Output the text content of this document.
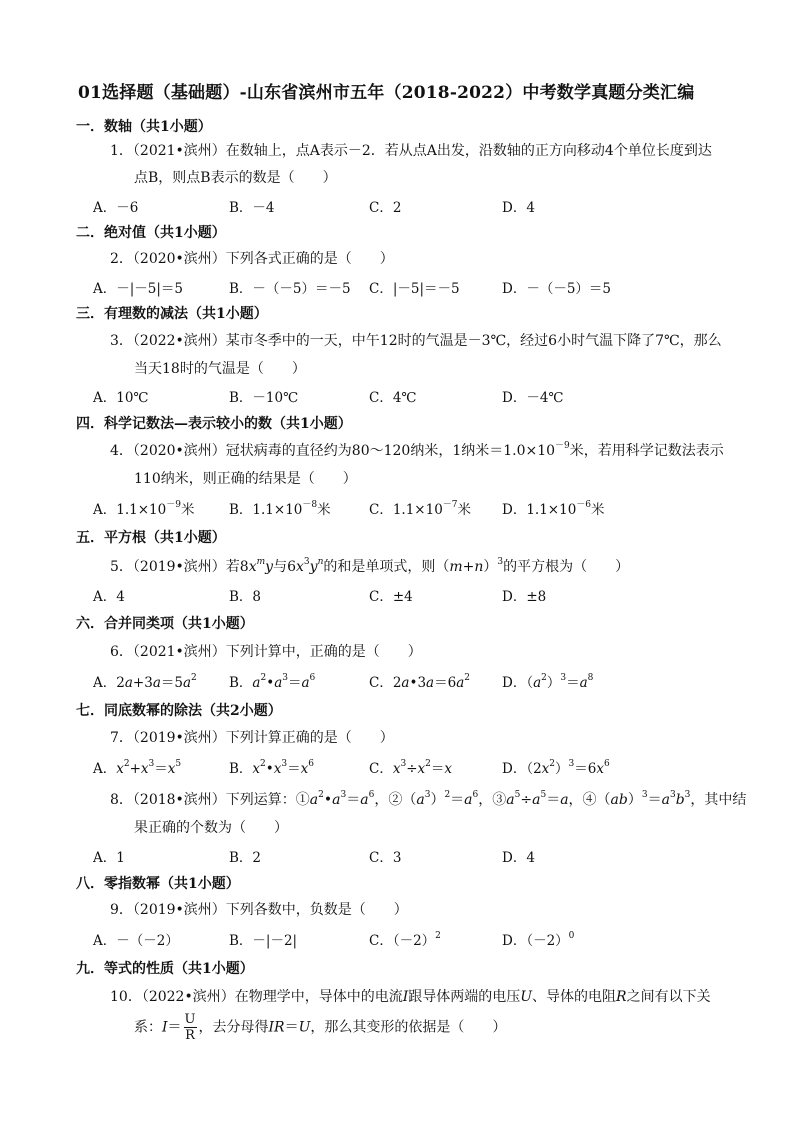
01选择题（基础题）-山东省滨州市五年（2018-2022）中考数学真题分类汇编
一．数轴（共1小题）
1．（2021•滨州）在数轴上，点A表示－2．若从点A出发，沿数轴的正方向移动4个单位长度到达
点B，则点B表示的数是（　　）
A．－6	B．－4	C．2	D．4
二．绝对值（共1小题）
2．（2020•滨州）下列各式正确的是（　　）
A．－|－5|＝5	B．－（－5）＝－5 C．|－5|＝－5	D．－（－5）＝5
三．有理数的减法（共1小题）
3．（2022•滨州）某市冬季中的一天，中午12时的气温是－3℃，经过6小时气温下降了7℃，那么
当天18时的气温是（　　）
A．10℃	B．－10℃	C．4℃	D．－4℃
四．科学记数法—表示较小的数（共1小题）
4．（2020•滨州）冠状病毒的直径约为80～120纳米，1纳米$=1.0\times 10^{-9}$米，若用科学记数法表示
110纳米，则正确的结果是（　　）
A．$1.1\times 10^{-9}$米	B．$1.1\times 10^{-8}$米	C．$1.1\times 10^{-7}$米 D．$1.1\times 10^{-6}$米
五．平方根（共1小题）
5．（2019•滨州）若$8x^my$与$6x^3y^n$的和是单项式，则$(m+n)^3$的平方根为（　　）
A．4	B．8	C．±4	D．±8
六．合并同类项（共1小题）
6．（2021•滨州）下列计算中，正确的是（　　）
A．$2a+3a=5a^2$ B．$a^2•a^3=a^6$	C．$2a•3a=6a^2$ D．$(a^2)^3=a^8$
七．同底数幂的除法（共2小题）
7．（2019•滨州）下列计算正确的是（　　）
A．$x^2+x^3=x^5$	B．$x^2•x^3=x^6$	C．$x^3\div x^2=x$	D．$(2x^2)^3=6x^6$
8．（2018•滨州）下列运算：$①a^2•a^3=a^6$，$②(a^3)^2=a^6$，$③a^5\div a^5=a$，$④(ab)^3=a^3b^3$，其中结
果正确的个数为（　　）
A．1	B．2	C．3	D．4
八．零指数幂（共1小题）
9．（2019•滨州）下列各数中，负数是（　　）
A．－（－2）	B．－|－2|	C．$(-2)^2$	D．$(-2)^0$
九．等式的性质（共1小题）
10．（2022•滨州）在物理学中，导体中的电流I跟导体两端的电压U、导体的电阻R之间有以下关
系：$I= \frac{U}{R}$ ，去分母得IR＝U，那么其变形的依据是（　　）
